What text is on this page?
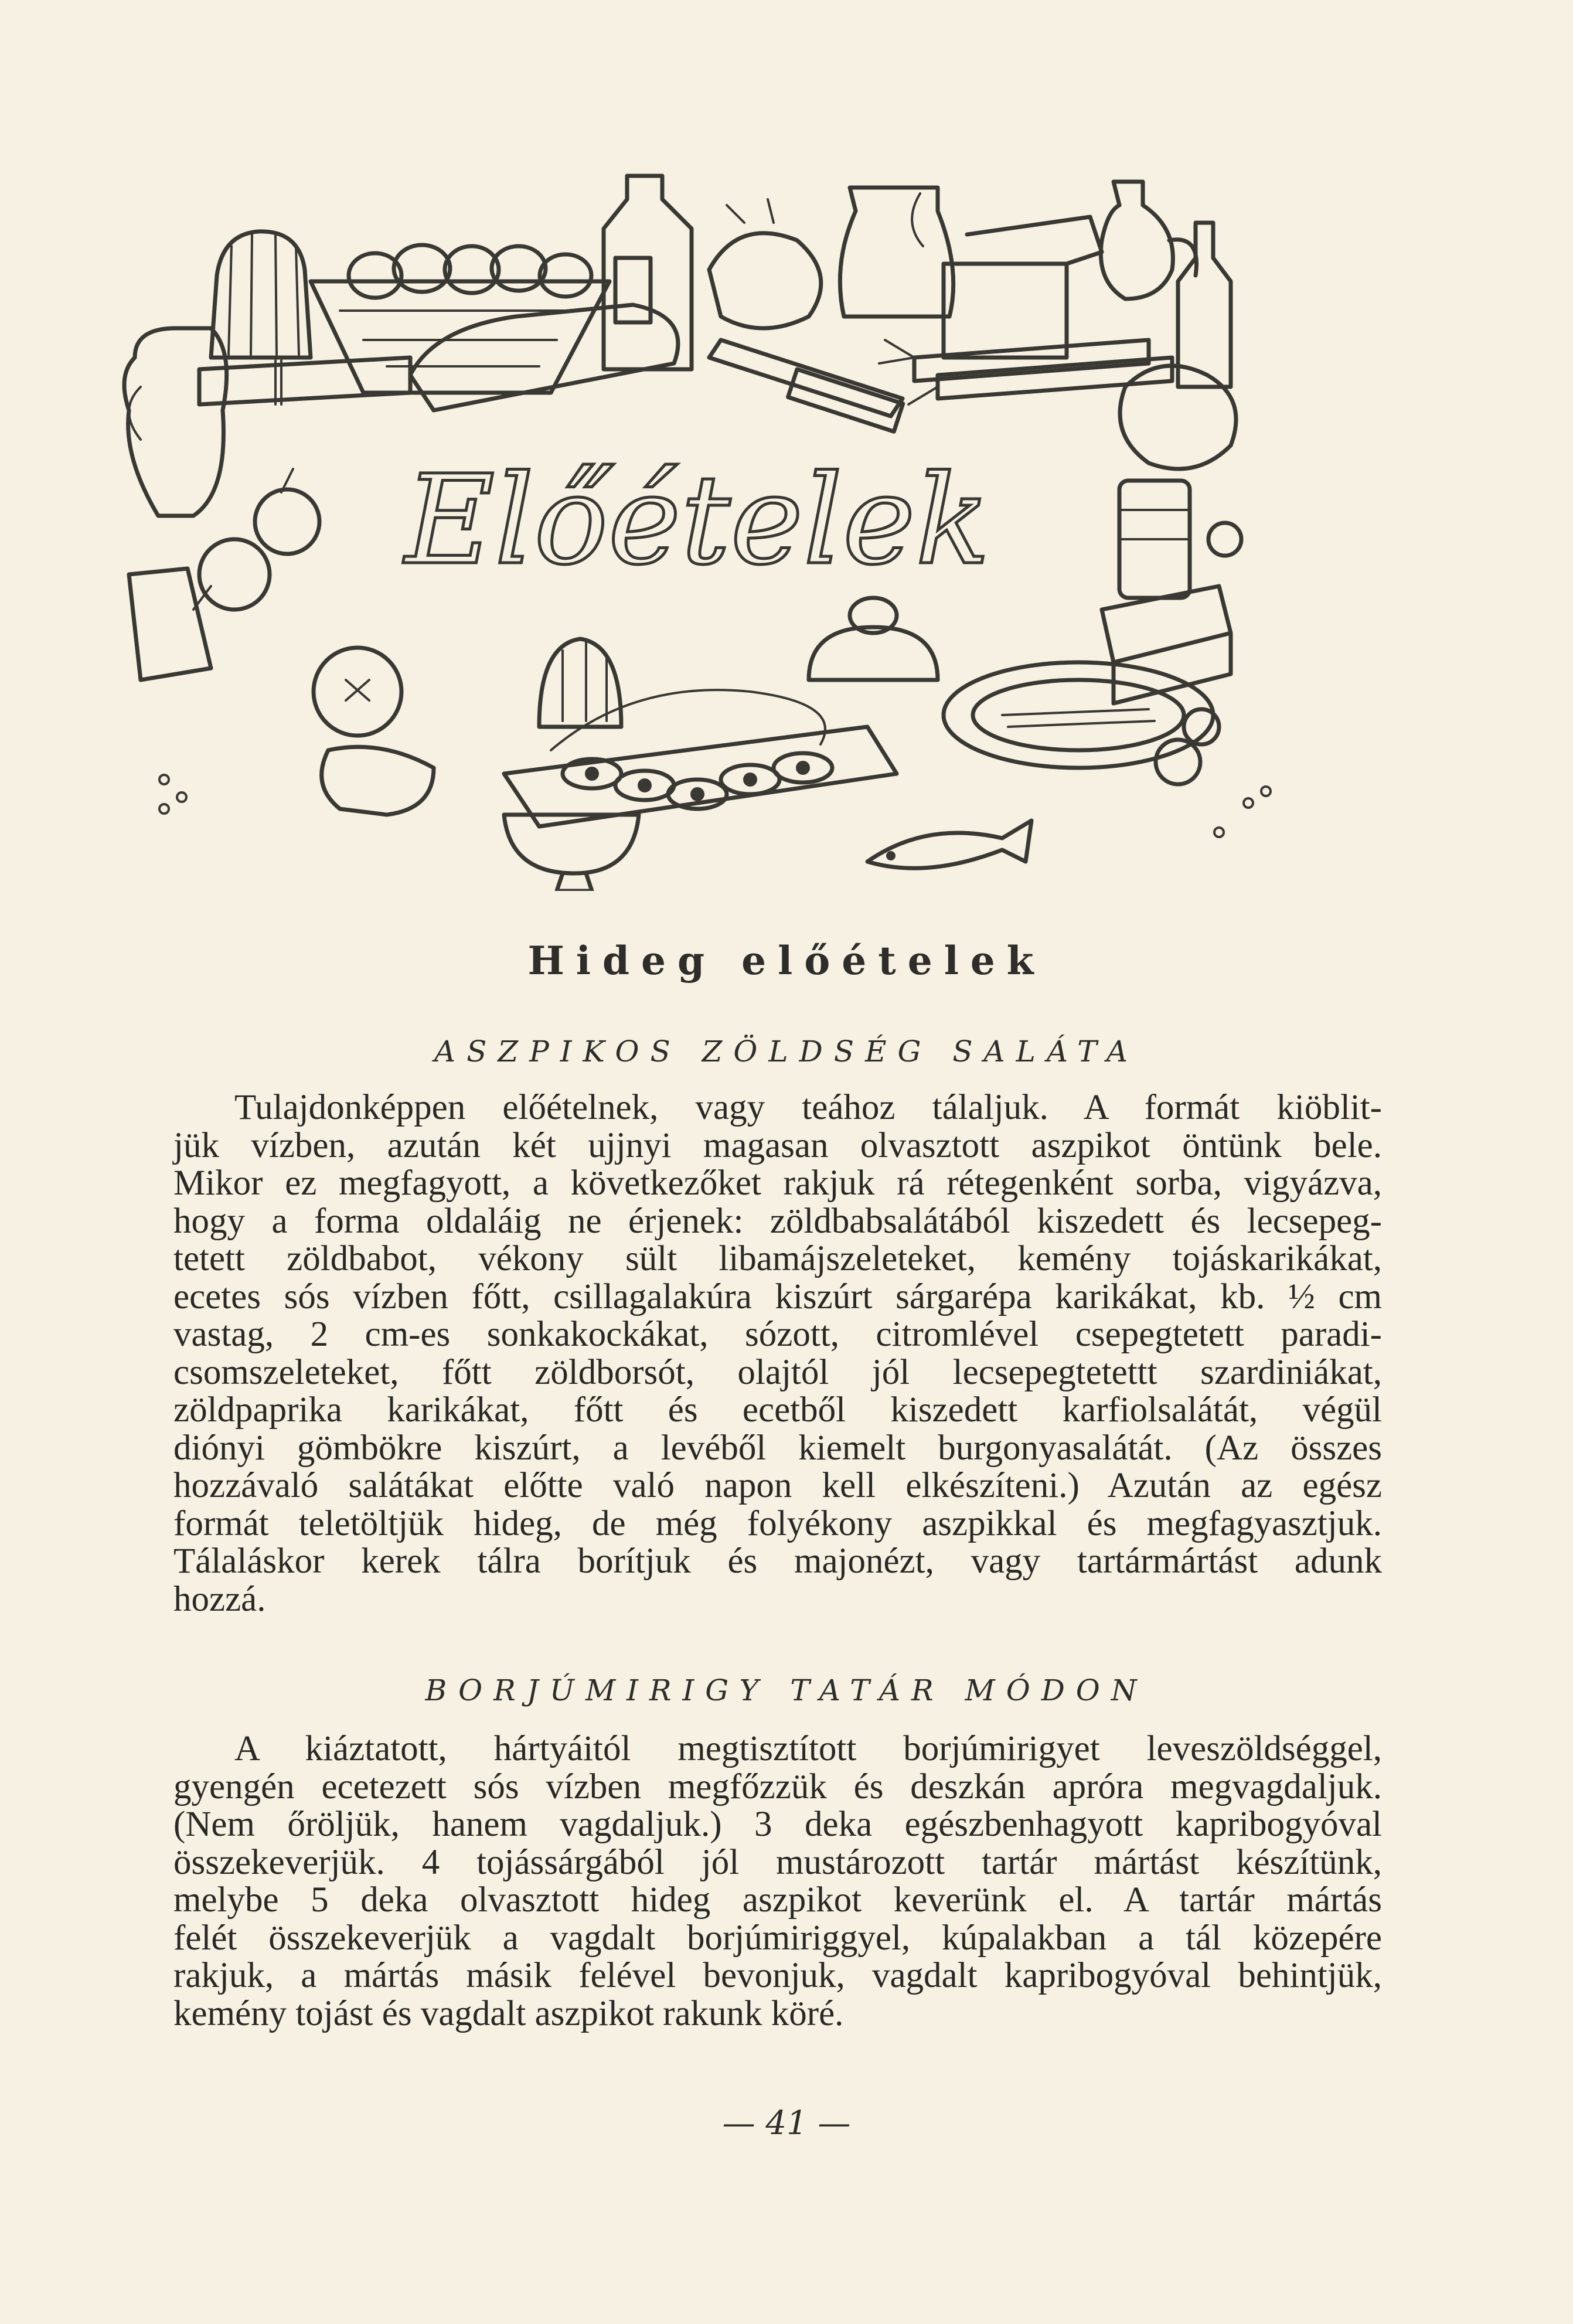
Előételek
Hideg előételek
ASZPIKOS ZÖLDSÉG SALÁTA
Tulajdonképpen előételnek, vagy teához tálaljuk. A formát kiöblit-
jük vízben, azután két ujjnyi magasan olvasztott aszpikot öntünk bele.
Mikor ez megfagyott, a következőket rakjuk rá rétegenként sorba, vigyázva,
hogy a forma oldaláig ne érjenek: zöldbabsalátából kiszedett és lecsepeg-
tetett zöldbabot, vékony sült libamájszeleteket, kemény tojáskarikákat,
ecetes sós vízben főtt, csillagalakúra kiszúrt sárgarépa karikákat, kb. ½ cm
vastag, 2 cm-es sonkakockákat, sózott, citromlével csepegtetett paradi-
csomszeleteket, főtt zöldborsót, olajtól jól lecsepegtetettt szardiniákat,
zöldpaprika karikákat, főtt és ecetből kiszedett karfiolsalátát, végül
diónyi gömbökre kiszúrt, a levéből kiemelt burgonyasalátát. (Az összes
hozzávaló salátákat előtte való napon kell elkészíteni.) Azután az egész
formát teletöltjük hideg, de még folyékony aszpikkal és megfagyasztjuk.
Tálaláskor kerek tálra borítjuk és majonézt, vagy tartármártást adunk
hozzá.
BORJÚMIRIGY TATÁR MÓDON
A kiáztatott, hártyáitól megtisztított borjúmirigyet leveszöldséggel,
gyengén ecetezett sós vízben megfőzzük és deszkán apróra megvagdaljuk.
(Nem őröljük, hanem vagdaljuk.) 3 deka egészbenhagyott kapribogyóval
összekeverjük. 4 tojássárgából jól mustározott tartár mártást készítünk,
melybe 5 deka olvasztott hideg aszpikot keverünk el. A tartár mártás
felét összekeverjük a vagdalt borjúmiriggyel, kúpalakban a tál közepére
rakjuk, a mártás másik felével bevonjuk, vagdalt kapribogyóval behintjük,
kemény tojást és vagdalt aszpikot rakunk köré.
— 41 —
